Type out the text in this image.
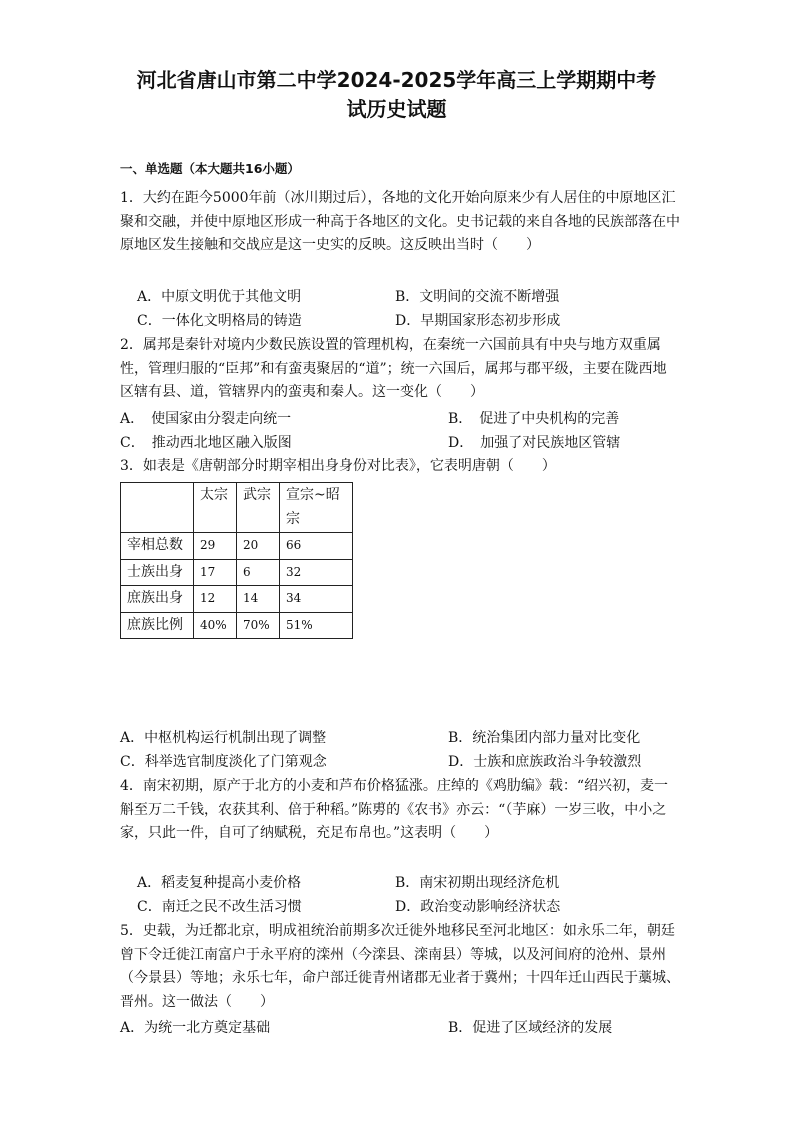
河北省唐山市第二中学2024-2025学年高三上学期期中考
试历史试题
一、单选题（本大题共16小题）

1．大约在距今5000年前（冰川期过后），各地的文化开始向原来少有人居住的中原地区汇聚和交融，并使中原地区形成一种高于各地区的文化。史书记载的来自各地的民族部落在中原地区发生接触和交战应是这一史实的反映。这反映出当时（　　）

A．中原文明优于其他文明	B．文明间的交流不断增强
C．一体化文明格局的铸造	D．早期国家形态初步形成

2．属邦是秦针对境内少数民族设置的管理机构，在秦统一六国前具有中央与地方双重属性，管理归服的“臣邦”和有蛮夷聚居的“道”；统一六国后，属邦与郡平级，主要在陇西地区辖有县、道，管辖界内的蛮夷和秦人。这一变化（　　）

A．　使国家由分裂走向统一	B．　促进了中央机构的完善
C．　推动西北地区融入版图	D．　加强了对民族地区管辖

3．如表是《唐朝部分时期宰相出身身份对比表》，它表明唐朝（　　）

	太宗	武宗	宣宗~昭宗
宰相总数	29	20	66
士族出身	17	6	32
庶族出身	12	14	34
庶族比例	40%	70%	51%
A．中枢机构运行机制出现了调整	B．统治集团内部力量对比变化
C．科举选官制度淡化了门第观念	D．士族和庶族政治斗争较激烈

4．南宋初期，原产于北方的小麦和芦布价格猛涨。庄绰的《鸡肋编》载：“绍兴初，麦一斛至万二千钱，农获其利、倍于种稻。”陈旉的《农书》亦云：“（芋麻）一岁三收，中小之家，只此一件，自可了纳赋税，充足布帛也。”这表明（　　）

A．稻麦复种提高小麦价格	B．南宋初期出现经济危机
C．南迁之民不改生活习惯	D．政治变动影响经济状态

5．史载，为迁都北京，明成祖统治前期多次迁徙外地移民至河北地区：如永乐二年，朝廷曾下令迁徙江南富户于永平府的滦州（今滦县、滦南县）等城，以及河间府的沧州、景州（今景县）等地；永乐七年，命户部迁徙青州诸郡无业者于冀州；十四年迁山西民于藁城、晋州。这一做法（　　）

A．为统一北方奠定基础	B．促进了区域经济的发展
